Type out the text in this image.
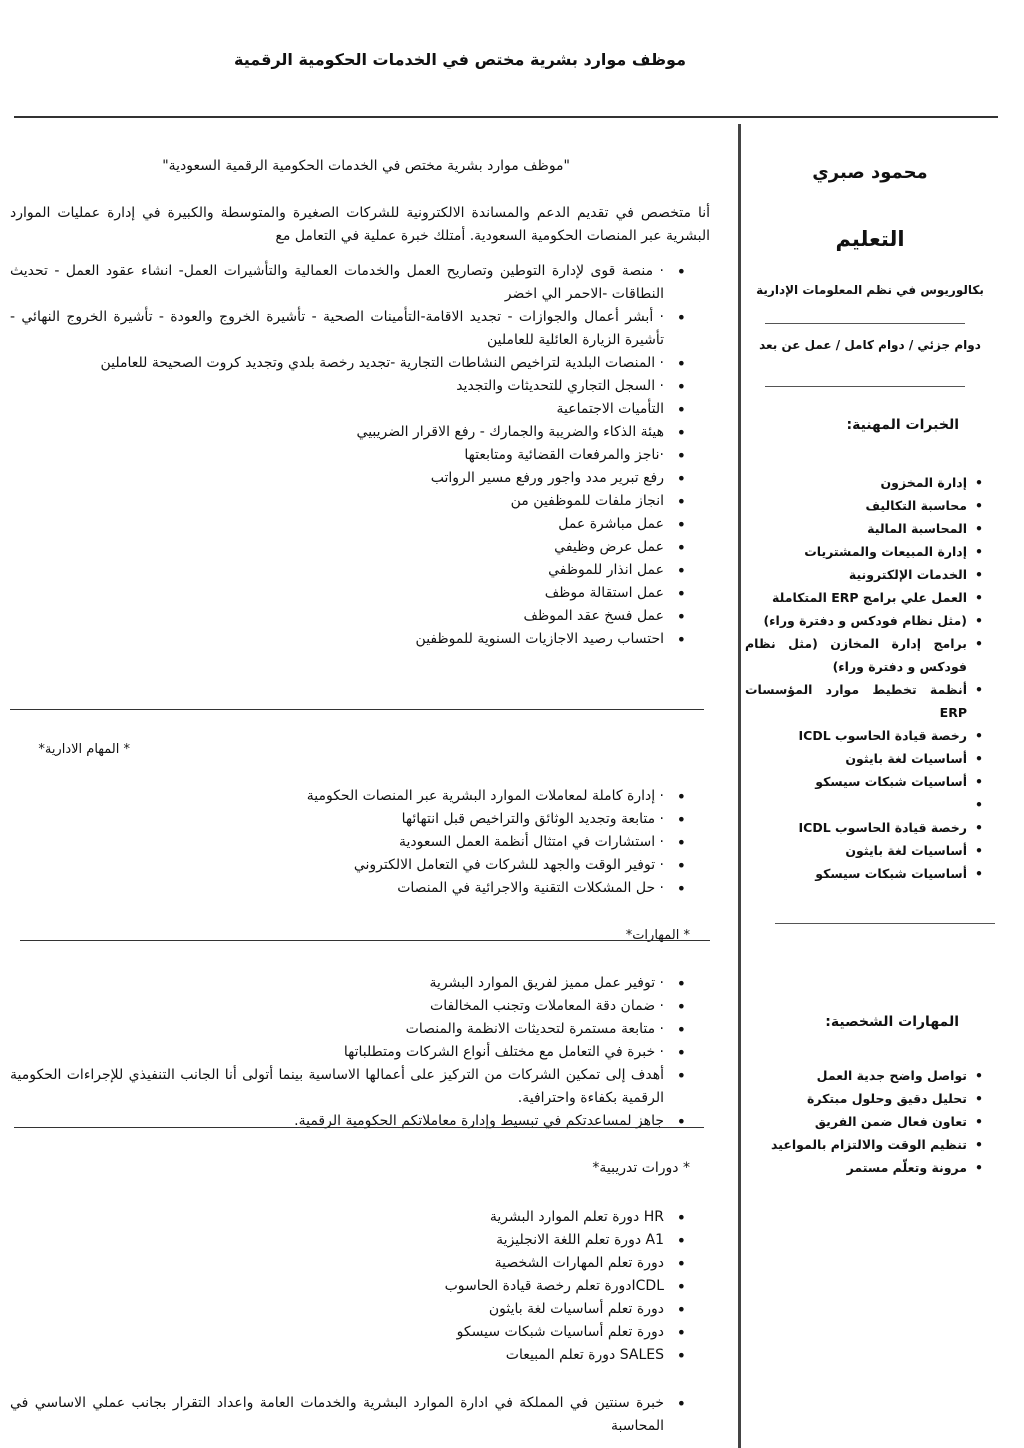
موظف موارد بشرية مختص في الخدمات الحكومية الرقمية
محمود صبري
التعليم
بكالوريوس في نظم المعلومات الإدارية
دوام جزئي / دوام كامل / عمل عن بعد
الخبرات المهنية:
• إدارة المخزون
• محاسبة التكاليف
• المحاسبة المالية
• إدارة المبيعات والمشتريات
• الخدمات الإلكترونية
• العمل علي برامج ERP المتكاملة
• (مثل نظام فودكس و دفترة وراء)
• برامج إدارة المخازن (مثل نظام فودكس و دفترة وراء)
• أنظمة تخطيط موارد المؤسسات ERP
• رخصة قيادة الحاسوب ICDL
• أساسيات لغة بايثون
• أساسيات شبكات سيسكو
•
• رخصة قيادة الحاسوب ICDL
• أساسيات لغة بايثون
• أساسيات شبكات سيسكو
المهارات الشخصية:
• تواصل واضح جدية العمل
• تحليل دقيق وحلول مبتكرة
• تعاون فعال ضمن الفريق
• تنظيم الوقت والالتزام بالمواعيد
• مرونة وتعلّم مستمر
"موظف موارد بشرية مختص في الخدمات الحكومية الرقمية السعودية"
أنا متخصص في تقديم الدعم والمساندة الالكترونية للشركات الصغيرة والمتوسطة والكبيرة في إدارة عمليات الموارد البشرية عبر المنصات الحكومية السعودية. أمتلك خبرة عملية في التعامل مع
• · منصة قوى لإدارة التوطين وتصاريح العمل والخدمات العمالية والتأشيرات العمل- انشاء عقود العمل - تحديث النطاقات -الاحمر الي اخضر
• · أبشر أعمال والجوازات - تجديد الاقامة-التأمينات الصحية - تأشيرة الخروج والعودة - تأشيرة الخروج النهائي - تأشيرة الزيارة العائلية للعاملين
• · المنصات البلدية لتراخيص النشاطات التجارية -تجديد رخصة بلدي وتجديد كروت الصحيحة للعاملين
• · السجل التجاري للتحديثات والتجديد
• التأميات الاجتماعية
• هيئة الذكاء والضريبة والجمارك - رفع الاقرار الضريبيي
• ·ناجز والمرفعات القضائية ومتابعتها
• رفع تبرير مدد واجور ورفع مسير الرواتب
• انجاز ملفات للموظفين من
• عمل مباشرة عمل
• عمل عرض وظيفي
• عمل انذار للموظفي
• عمل استقالة موظف
• عمل فسخ عقد الموظف
• احتساب رصيد الاجازيات السنوية للموظفين
* المهام الادارية*
• · إدارة كاملة لمعاملات الموارد البشرية عبر المنصات الحكومية
• · متابعة وتجديد الوثائق والتراخيص قبل انتهائها
• · استشارات في امتثال أنظمة العمل السعودية
• · توفير الوقت والجهد للشركات في التعامل الالكتروني
• · حل المشكلات التقنية والاجرائية في المنصات
* المهارات*
• · توفير عمل مميز لفريق الموارد البشرية
• · ضمان دقة المعاملات وتجنب المخالفات
• · متابعة مستمرة لتحديثات الانظمة والمنصات
• · خبرة في التعامل مع مختلف أنواع الشركات ومتطلباتها
• أهدف إلى تمكين الشركات من التركيز على أعمالها الاساسية بينما أتولى أنا الجانب التنفيذي للإجراءات الحكومية الرقمية بكفاءة واحترافية.
• جاهز لمساعدتكم في تبسيط وإدارة معاملاتكم الحكومية الرقمية.
* دورات تدريبية*
• HR دورة تعلم الموارد البشرية
• A1 دورة تعلم اللغة الانجليزية
• دورة تعلم المهارات الشخصية
• ICDLدورة تعلم رخصة قيادة الحاسوب
• دورة تعلم أساسيات لغة بايثون
• دورة تعلم أساسيات شبكات سيسكو
• SALES دورة تعلم المبيعات
• خبرة سنتين في المملكة في ادارة الموارد البشرية والخدمات العامة واعداد التقرار بجانب عملي الاساسي في المحاسبة
